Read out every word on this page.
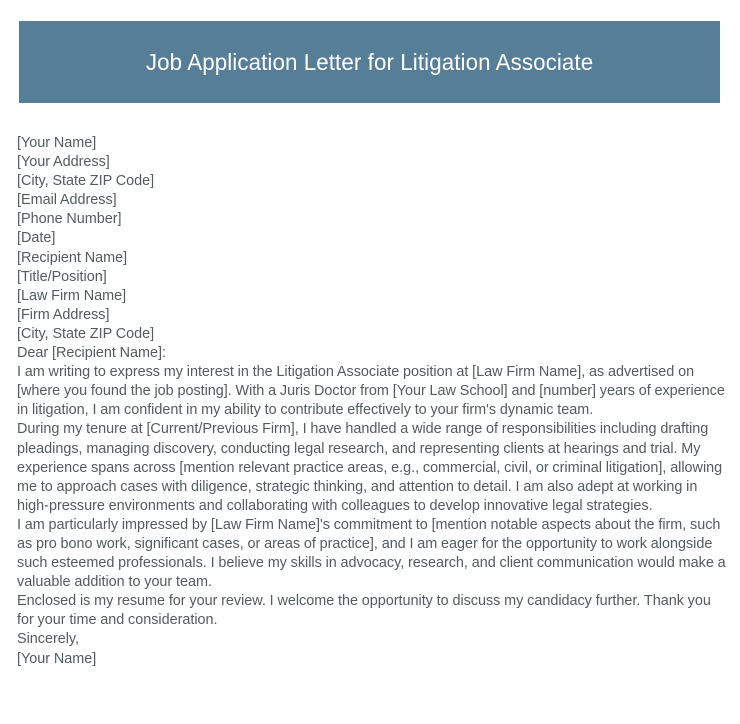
Job Application Letter for Litigation Associate
[Your Name]
[Your Address]
[City, State ZIP Code]
[Email Address]
[Phone Number]
[Date]
[Recipient Name]
[Title/Position]
[Law Firm Name]
[Firm Address]
[City, State ZIP Code]
Dear [Recipient Name]:
I am writing to express my interest in the Litigation Associate position at [Law Firm Name], as advertised on [where you found the job posting]. With a Juris Doctor from [Your Law School] and [number] years of experience in litigation, I am confident in my ability to contribute effectively to your firm's dynamic team.
During my tenure at [Current/Previous Firm], I have handled a wide range of responsibilities including drafting pleadings, managing discovery, conducting legal research, and representing clients at hearings and trial. My experience spans across [mention relevant practice areas, e.g., commercial, civil, or criminal litigation], allowing me to approach cases with diligence, strategic thinking, and attention to detail. I am also adept at working in high-pressure environments and collaborating with colleagues to develop innovative legal strategies.
I am particularly impressed by [Law Firm Name]'s commitment to [mention notable aspects about the firm, such as pro bono work, significant cases, or areas of practice], and I am eager for the opportunity to work alongside such esteemed professionals. I believe my skills in advocacy, research, and client communication would make a valuable addition to your team.
Enclosed is my resume for your review. I welcome the opportunity to discuss my candidacy further. Thank you for your time and consideration.
Sincerely,
[Your Name]
